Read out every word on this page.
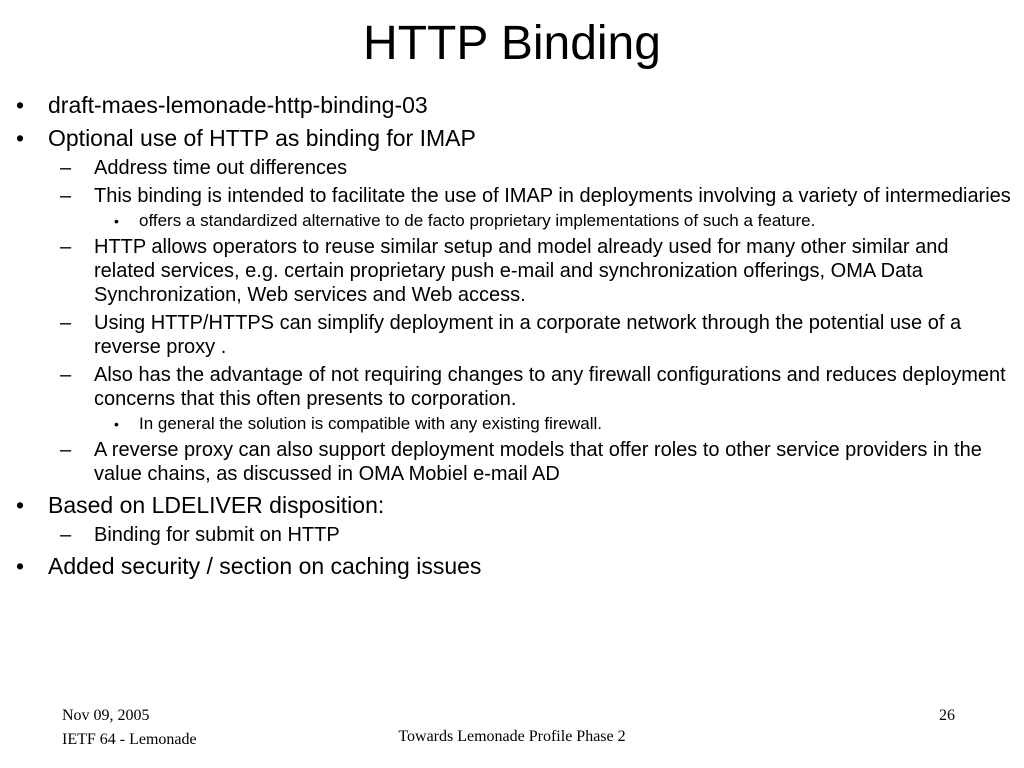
HTTP Binding
• draft-maes-lemonade-http-binding-03
• Optional use of HTTP as binding for IMAP
– Address time out differences
– This binding is intended to facilitate the use of IMAP in deployments involving a variety of intermediaries
• offers a standardized alternative to de facto proprietary implementations of such a feature.
– HTTP allows operators to reuse similar setup and model already used for many other similar and related services, e.g. certain proprietary push e-mail and synchronization offerings, OMA Data Synchronization, Web services and Web access.
– Using HTTP/HTTPS can simplify deployment in a corporate network through the potential use of a reverse proxy .
– Also has the advantage of not requiring changes to any firewall configurations and reduces deployment concerns that this often presents to corporation.
• In general the solution is compatible with any existing firewall.
– A reverse proxy can also support deployment models that offer roles to other service providers in the value chains, as discussed in OMA Mobiel e-mail AD
• Based on LDELIVER disposition:
– Binding for submit on HTTP
• Added security / section on caching issues
Nov 09, 2005
IETF 64 - Lemonade	Towards Lemonade Profile Phase 2
26
